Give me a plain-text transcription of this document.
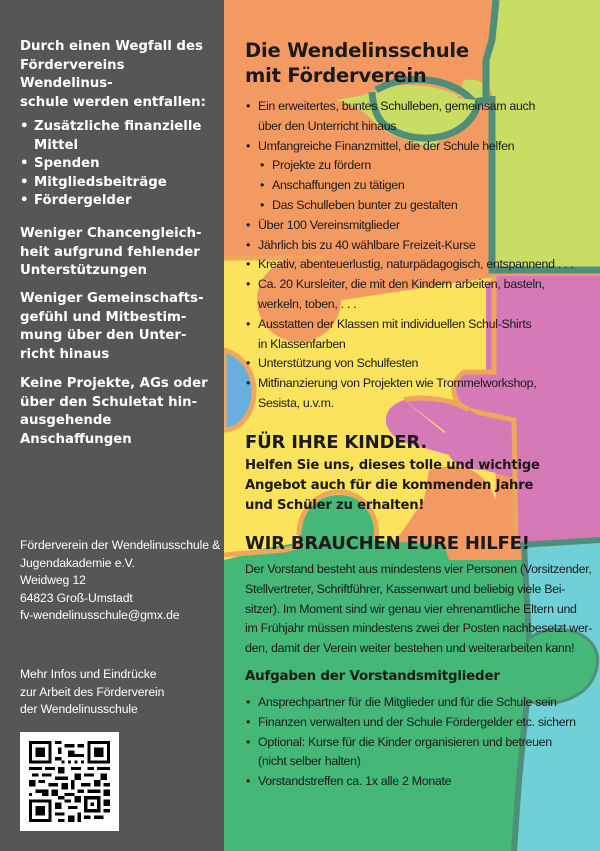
Durch einen Wegfall des

Fördervereins Wendelinus-

schule werden entfallen:

• Zusätzliche finanzielle
Mittel
• Spenden
• Mitgliedsbeiträge
• Fördergelder

Weniger Chancengleich-

heit aufgrund fehlender

Unterstützungen

Weniger Gemeinschafts-

gefühl und Mitbestim-

mung über den Unter-

richt hinaus

Keine Projekte, AGs oder

über den Schuletat hin-

ausgehende

Anschaffungen

Förderverein der Wendelinusschule &
Jugendakademie e.V.
Weidweg 12
64823 Groß-Umstadt
fv-wendelinusschule@gmx.de
Mehr Infos und Eindrücke
zur Arbeit des Förderverein
der Wendelinusschule
Die Wendelinsschule
mit Förderverein
• Ein erweitertes, buntes Schulleben, gemeinsam auch
über den Unterricht hinaus
• Umfangreiche Finanzmittel, die der Schule helfen
• Projekte zu fördern
• Anschaffungen zu tätigen
• Das Schulleben bunter zu gestalten
• Über 100 Vereinsmitglieder
• Jährlich bis zu 40 wählbare Freizeit-Kurse
• Kreativ, abenteuerlustig, naturpädagogisch, entspannend . . .
• Ca. 20 Kursleiter, die mit den Kindern arbeiten, basteln,
werkeln, toben, . . .
• Ausstatten der Klassen mit individuellen Schul-Shirts
in Klassenfarben
• Unterstützung von Schulfesten
• Mitfinanzierung von Projekten wie Trommelworkshop,
Sesista, u.v.m.
FÜR IHRE KINDER.
Helfen Sie uns, dieses tolle und wichtige
Angebot auch für die kommenden Jahre
und Schüler zu erhalten!
WIR BRAUCHEN EURE HILFE!
Der Vorstand besteht aus mindestens vier Personen (Vorsitzender,
Stellvertreter, Schriftführer, Kassenwart und beliebig viele Bei-
sitzer). Im Moment sind wir genau vier ehrenamtliche Eltern und
im Frühjahr müssen mindestens zwei der Posten nachbesetzt wer-
den, damit der Verein weiter bestehen und weiterarbeiten kann!
Aufgaben der Vorstandsmitglieder
• Ansprechpartner für die Mitglieder und für die Schule sein
• Finanzen verwalten und der Schule Fördergelder etc. sichern
• Optional: Kurse für die Kinder organisieren und betreuen
(nicht selber halten)
• Vorstandstreffen ca. 1x alle 2 Monate
